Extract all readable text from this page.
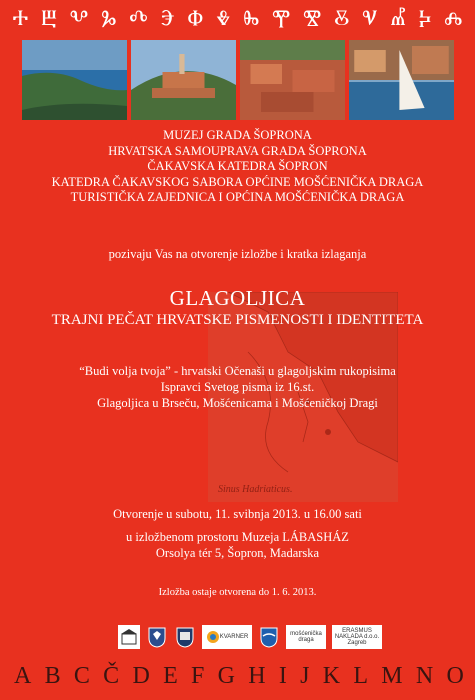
Ⰰ Ⰱ Ⰲ Ⰳ Ⰴ Ⰵ Ⱇ Ⰷ Ⰸ Ⰹ Ⰺ Ⰻ Ⱌ Ⰼ Ⰽ Ⰾ
MUZEJ GRADA ŠOPRONA
HRVATSKA SAMOUPRAVA GRADA ŠOPRONA
ČAKAVSKA KATEDRA ŠOPRON
KATEDRA ČAKAVSKOG SABORA OPĆINE MOŠĆENIČKA DRAGA
TURISTIČKA ZAJEDNICA I OPĆINA MOŠĆENIČKA DRAGA
pozivaju Vas na otvorenje izložbe i kratka izlaganja
Sinus Hadriaticus.
GLAGOLJICA
TRAJNI PEČAT HRVATSKE PISMENOSTI I IDENTITETA
“Budi volja tvoja” - hrvatski Očenaši u glagoljskim rukopisima
Ispravci Svetog pisma iz 16.st.
Glagoljica u Brseču, Mošćenicama i Mošćeničkoj Dragi
Otvorenje u subotu, 11. svibnja 2013. u 16.00 sati
u izložbenom prostoru Muzeja LÁBASHÁZ
Orsolya tér 5, Šopron, Madarska
Izložba ostaje otvorena do 1. 6. 2013.
KVARNER	mošćenička draga
ERASMUS NAKLADA d.o.o. Zagreb
A B C Č D E F G H I J K L M N O
